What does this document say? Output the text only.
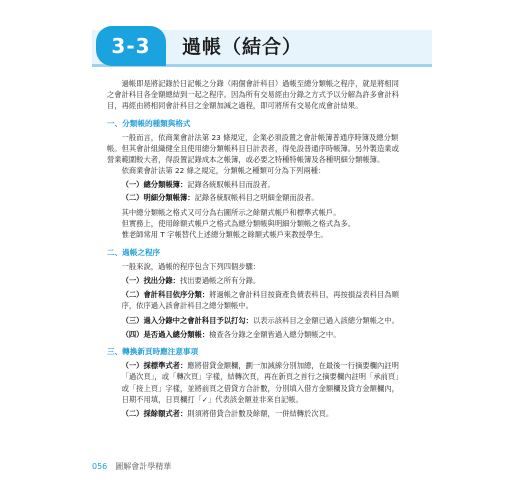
3-3 過帳（結合）

過帳即是將記錄於日記帳之分錄（兩個會計科目）過帳至總分類帳之程序，就是將相同之會計科目各金額總結到一起之程序。因為所有交易經由分錄之方式予以分解為許多會計科目，再經由將相同會計科目之金額加減之過程，即可將所有交易化成會計結果。

一、分類帳的種類與格式

一般而言，依商業會計法第 23 條規定，企業必須設置之會計帳簿普通序時簿及總分類帳。但其會計組織健全且使用總分類帳科目日計表者，得免設普通序時帳簿。另外製造業或營業範圍較大者，得設置記錄成本之帳簿，或必要之特種特帳簿及各種明細分類帳簿。

依商業會計法第 22 條之規定，分類帳之種類可分為下列兩種：

（一）總分類帳簿：記錄各統馭帳科目而設者。

（二）明細分類帳簿：記錄各統馭帳科目之明細金額而設者。

其中總分類帳之格式又可分為右圖所示之餘額式帳戶和標準式帳戶。

但實務上，使用餘額式帳戶之格式為總分類帳與明細分類帳之格式為多。

惟老師常用 T 字帳替代上述總分類帳之餘額式帳戶來教授學生。

二、過帳之程序

一般來說，過帳的程序包含下列四個步驟：

（一）找出分錄：找出要過帳之所有分錄。

（二）會計科目依序分類：將過帳之會計科目按資產負債表科目，再按損益表科目為順序，依序過入該會計科目之總分類帳中。

（三）過入分錄中之會計科目予以打勾：以表示該科目之金額已過入該總分類帳之中。

（四）是否過入總分類帳：檢查各分錄之金額皆過入總分類帳之中。

三、轉換新頁時應注意事項

（一）採標準式者：應將借貸金額欄，劃一加減線分別加總，在最後一行摘要欄內註明「過次頁」，或「轉次頁」字樣，結轉次頁，再在新頁之首行之摘要欄內註明「承前頁」或「接上頁」字樣，並將前頁之借貸方合計數，分別填入借方金額欄及貸方金額欄內，日期不用填，日頁欄打「✓」代表該金額並非來自記帳。

（二）採餘額式者：則須將借貸合計數及餘額，一併結轉於次頁。

056 圖解會計學精華
